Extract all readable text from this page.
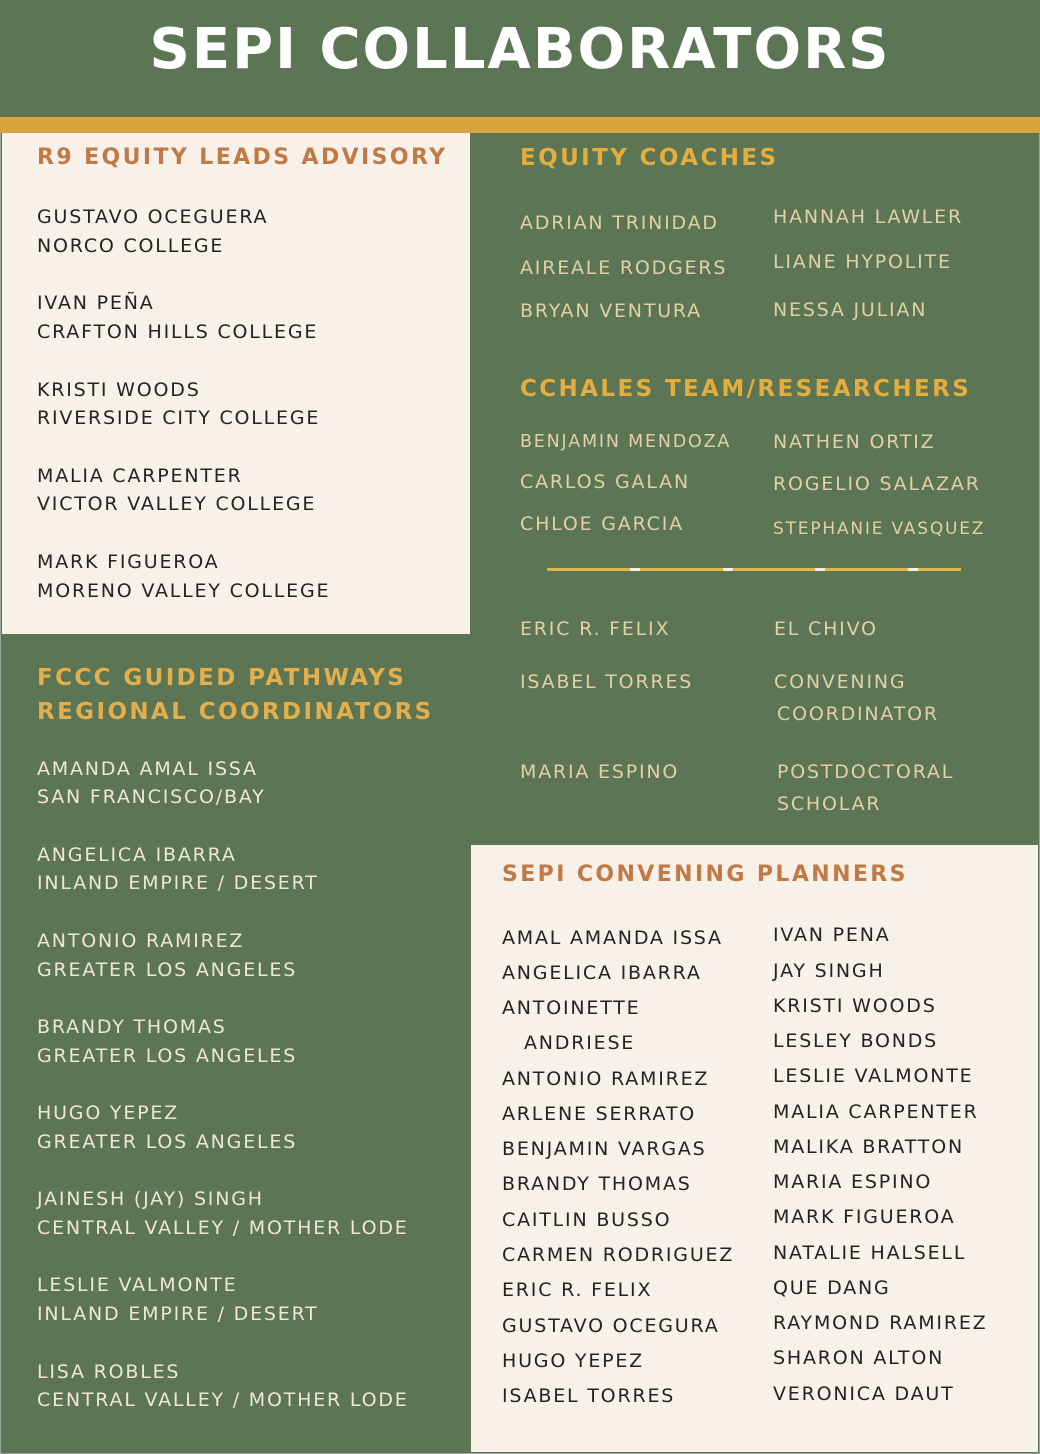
SEPI COLLABORATORS
R9 EQUITY LEADS ADVISORY

GUSTAVO OCEGUERA

NORCO COLLEGE

IVAN PEÑA

CRAFTON HILLS COLLEGE

KRISTI WOODS

RIVERSIDE CITY COLLEGE

MALIA CARPENTER

VICTOR VALLEY COLLEGE

MARK FIGUEROA

MORENO VALLEY COLLEGE

FCCC GUIDED PATHWAYS
REGIONAL COORDINATORS

AMANDA AMAL ISSA

SAN FRANCISCO/BAY

ANGELICA IBARRA

INLAND EMPIRE / DESERT

ANTONIO RAMIREZ

GREATER LOS ANGELES

BRANDY THOMAS

GREATER LOS ANGELES

HUGO YEPEZ

GREATER LOS ANGELES

JAINESH (JAY) SINGH

CENTRAL VALLEY / MOTHER LODE

LESLIE VALMONTE

INLAND EMPIRE / DESERT

LISA ROBLES

CENTRAL VALLEY / MOTHER LODE

EQUITY COACHES

ADRIAN TRINIDAD

AIREALE RODGERS

BRYAN VENTURA

HANNAH LAWLER

LIANE HYPOLITE

NESSA JULIAN

CCHALES TEAM/RESEARCHERS

BENJAMIN MENDOZA

CARLOS GALAN

CHLOE GARCIA

NATHEN ORTIZ

ROGELIO SALAZAR

STEPHANIE VASQUEZ

ERIC R. FELIX

ISABEL TORRES

MARIA ESPINO

EL CHIVO

CONVENING

COORDINATOR

POSTDOCTORAL

SCHOLAR

SEPI CONVENING PLANNERS

AMAL AMANDA ISSA

ANGELICA IBARRA

ANTOINETTE

ANDRIESE

ANTONIO RAMIREZ

ARLENE SERRATO

BENJAMIN VARGAS

BRANDY THOMAS

CAITLIN BUSSO

CARMEN RODRIGUEZ

ERIC R. FELIX

GUSTAVO OCEGURA

HUGO YEPEZ

ISABEL TORRES

IVAN PENA

JAY SINGH

KRISTI WOODS

LESLEY BONDS

LESLIE VALMONTE

MALIA CARPENTER

MALIKA BRATTON

MARIA ESPINO

MARK FIGUEROA

NATALIE HALSELL

QUE DANG

RAYMOND RAMIREZ

SHARON ALTON

VERONICA DAUT
